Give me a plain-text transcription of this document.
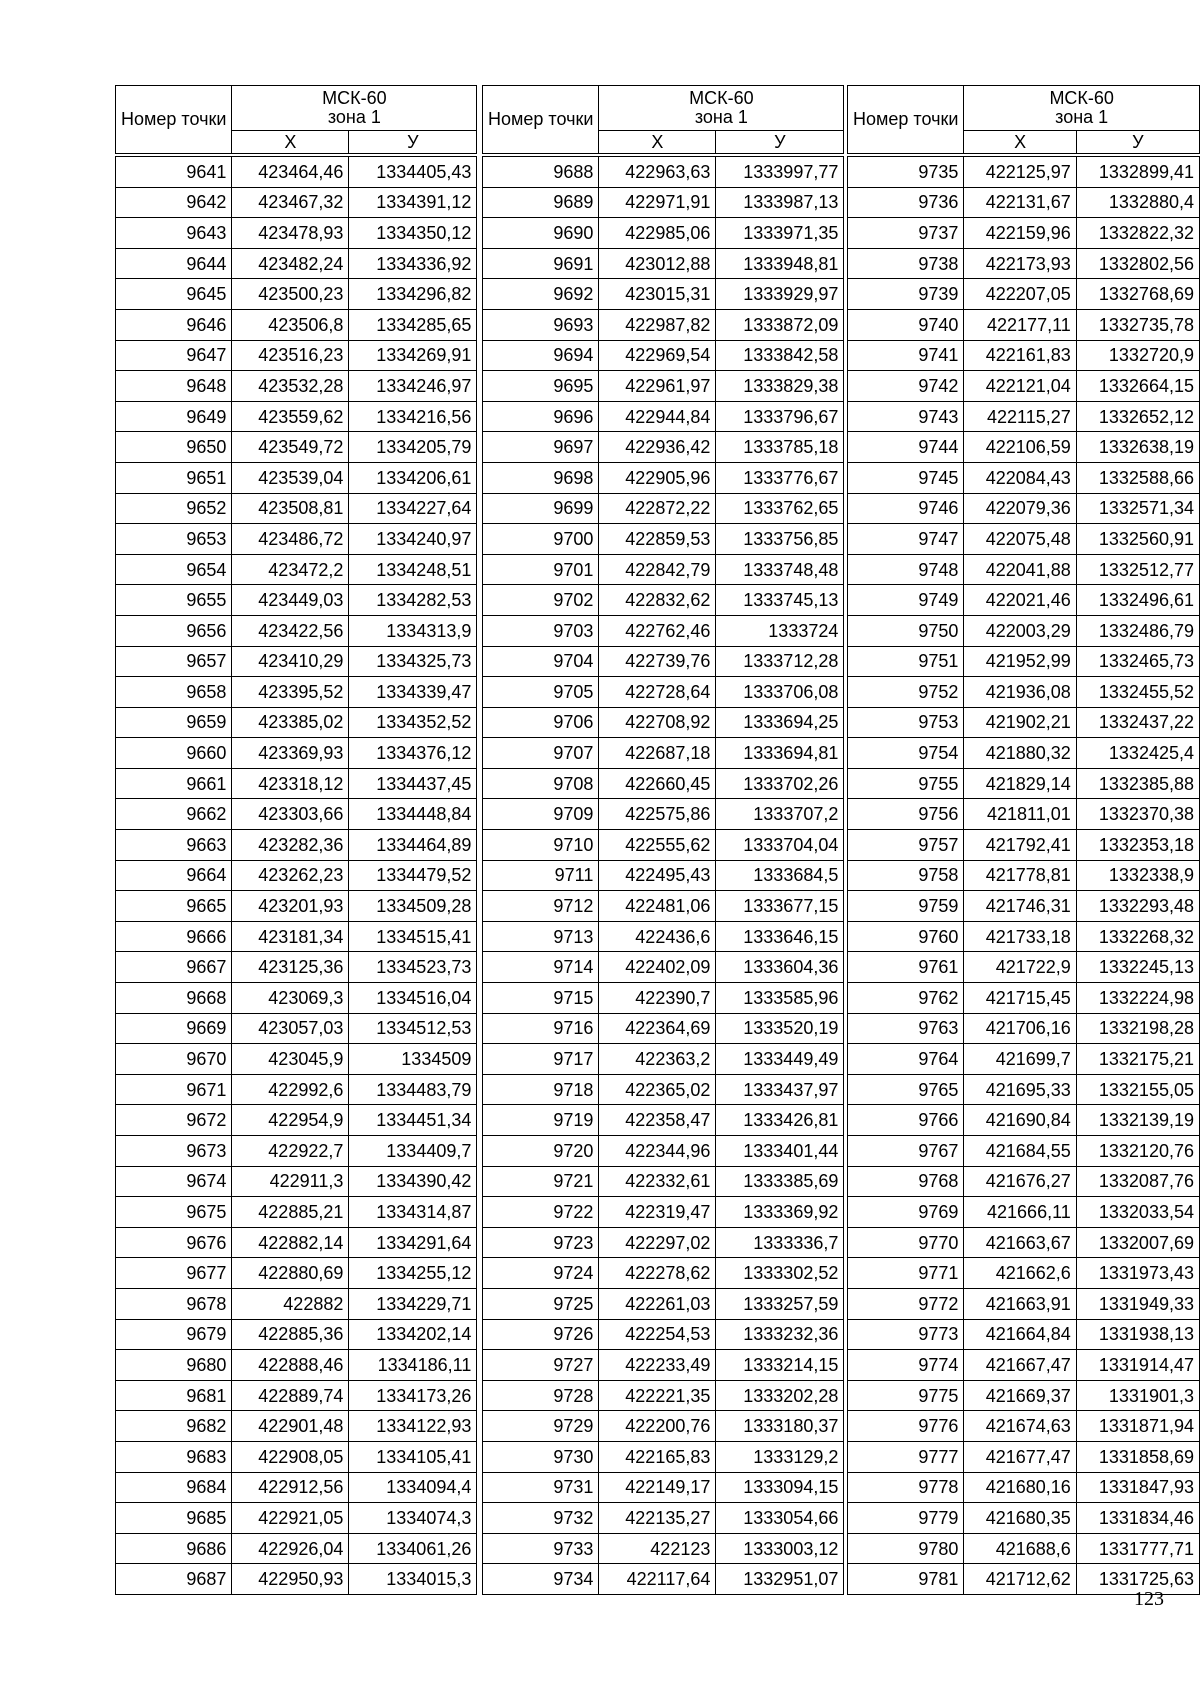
Номер точки	МСК-60
зона 1	
	X	У
9641	423464,46	1334405,43
9642	423467,32	1334391,12
9643	423478,93	1334350,12
9644	423482,24	1334336,92
9645	423500,23	1334296,82
9646	423506,8	1334285,65
9647	423516,23	1334269,91
9648	423532,28	1334246,97
9649	423559,62	1334216,56
9650	423549,72	1334205,79
9651	423539,04	1334206,61
9652	423508,81	1334227,64
9653	423486,72	1334240,97
9654	423472,2	1334248,51
9655	423449,03	1334282,53
9656	423422,56	1334313,9
9657	423410,29	1334325,73
9658	423395,52	1334339,47
9659	423385,02	1334352,52
9660	423369,93	1334376,12
9661	423318,12	1334437,45
9662	423303,66	1334448,84
9663	423282,36	1334464,89
9664	423262,23	1334479,52
9665	423201,93	1334509,28
9666	423181,34	1334515,41
9667	423125,36	1334523,73
9668	423069,3	1334516,04
9669	423057,03	1334512,53
9670	423045,9	1334509
9671	422992,6	1334483,79
9672	422954,9	1334451,34
9673	422922,7	1334409,7
9674	422911,3	1334390,42
9675	422885,21	1334314,87
9676	422882,14	1334291,64
9677	422880,69	1334255,12
9678	422882	1334229,71
9679	422885,36	1334202,14
9680	422888,46	1334186,11
9681	422889,74	1334173,26
9682	422901,48	1334122,93
9683	422908,05	1334105,41
9684	422912,56	1334094,4
9685	422921,05	1334074,3
9686	422926,04	1334061,26
9687	422950,93	1334015,3
Номер точки	МСК-60
зона 1	
	X	У
9688	422963,63	1333997,77
9689	422971,91	1333987,13
9690	422985,06	1333971,35
9691	423012,88	1333948,81
9692	423015,31	1333929,97
9693	422987,82	1333872,09
9694	422969,54	1333842,58
9695	422961,97	1333829,38
9696	422944,84	1333796,67
9697	422936,42	1333785,18
9698	422905,96	1333776,67
9699	422872,22	1333762,65
9700	422859,53	1333756,85
9701	422842,79	1333748,48
9702	422832,62	1333745,13
9703	422762,46	1333724
9704	422739,76	1333712,28
9705	422728,64	1333706,08
9706	422708,92	1333694,25
9707	422687,18	1333694,81
9708	422660,45	1333702,26
9709	422575,86	1333707,2
9710	422555,62	1333704,04
9711	422495,43	1333684,5
9712	422481,06	1333677,15
9713	422436,6	1333646,15
9714	422402,09	1333604,36
9715	422390,7	1333585,96
9716	422364,69	1333520,19
9717	422363,2	1333449,49
9718	422365,02	1333437,97
9719	422358,47	1333426,81
9720	422344,96	1333401,44
9721	422332,61	1333385,69
9722	422319,47	1333369,92
9723	422297,02	1333336,7
9724	422278,62	1333302,52
9725	422261,03	1333257,59
9726	422254,53	1333232,36
9727	422233,49	1333214,15
9728	422221,35	1333202,28
9729	422200,76	1333180,37
9730	422165,83	1333129,2
9731	422149,17	1333094,15
9732	422135,27	1333054,66
9733	422123	1333003,12
9734	422117,64	1332951,07
Номер точки	МСК-60
зона 1	
	X	У
9735	422125,97	1332899,41
9736	422131,67	1332880,4
9737	422159,96	1332822,32
9738	422173,93	1332802,56
9739	422207,05	1332768,69
9740	422177,11	1332735,78
9741	422161,83	1332720,9
9742	422121,04	1332664,15
9743	422115,27	1332652,12
9744	422106,59	1332638,19
9745	422084,43	1332588,66
9746	422079,36	1332571,34
9747	422075,48	1332560,91
9748	422041,88	1332512,77
9749	422021,46	1332496,61
9750	422003,29	1332486,79
9751	421952,99	1332465,73
9752	421936,08	1332455,52
9753	421902,21	1332437,22
9754	421880,32	1332425,4
9755	421829,14	1332385,88
9756	421811,01	1332370,38
9757	421792,41	1332353,18
9758	421778,81	1332338,9
9759	421746,31	1332293,48
9760	421733,18	1332268,32
9761	421722,9	1332245,13
9762	421715,45	1332224,98
9763	421706,16	1332198,28
9764	421699,7	1332175,21
9765	421695,33	1332155,05
9766	421690,84	1332139,19
9767	421684,55	1332120,76
9768	421676,27	1332087,76
9769	421666,11	1332033,54
9770	421663,67	1332007,69
9771	421662,6	1331973,43
9772	421663,91	1331949,33
9773	421664,84	1331938,13
9774	421667,47	1331914,47
9775	421669,37	1331901,3
9776	421674,63	1331871,94
9777	421677,47	1331858,69
9778	421680,16	1331847,93
9779	421680,35	1331834,46
9780	421688,6	1331777,71
9781	421712,62	1331725,63
123
